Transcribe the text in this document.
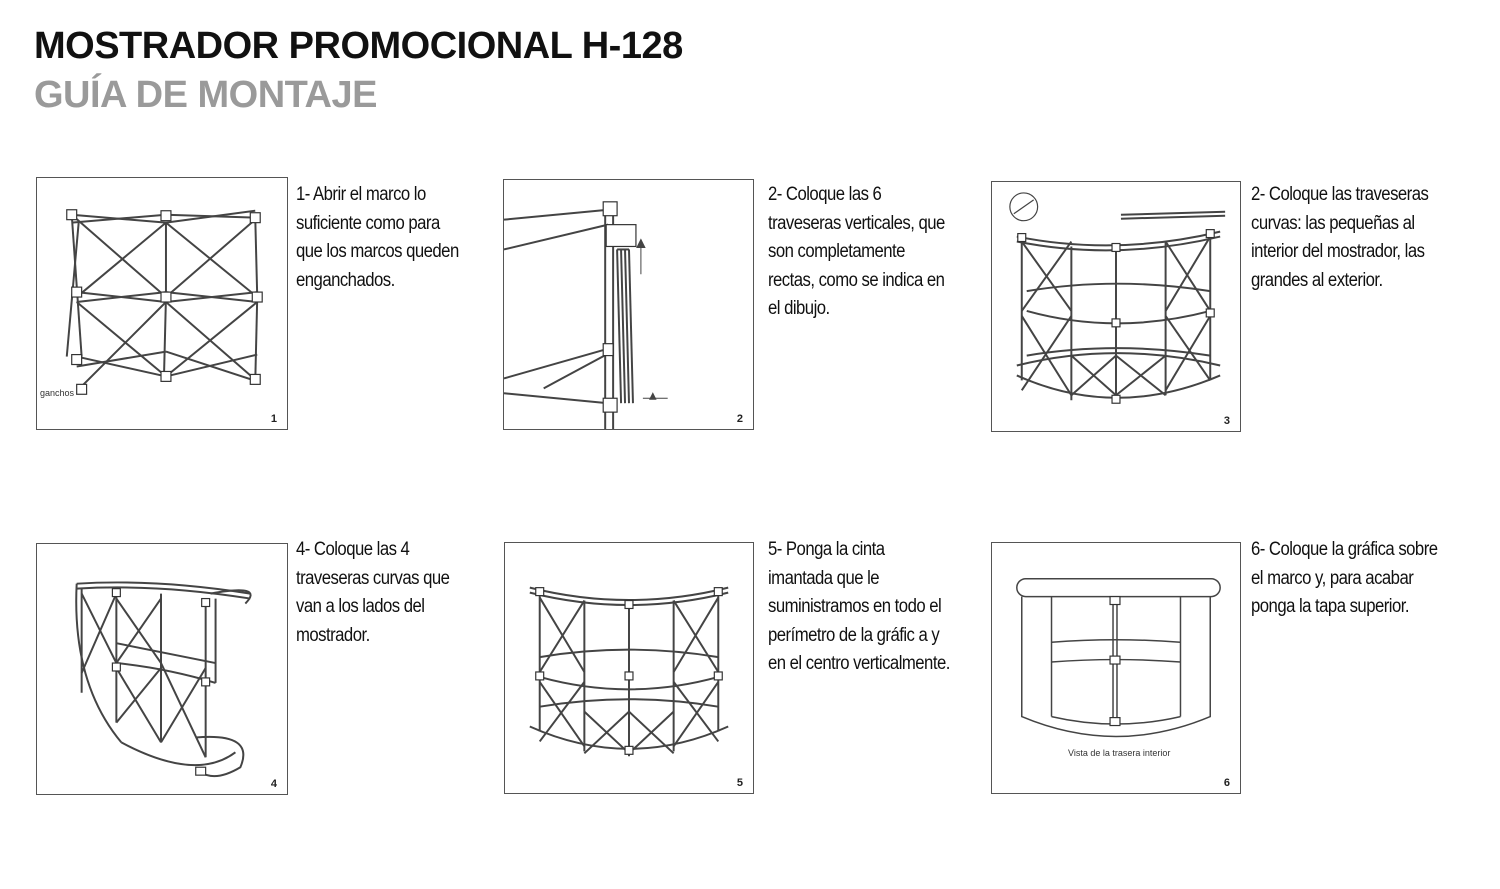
MOSTRADOR PROMOCIONAL H-128
GUÍA DE MONTAJE
ganchos
1

1- Abrir el marco lo
suficiente como para
que los marcos queden
enganchados.

2

2- Coloque las 6
traveseras verticales, que
son completamente
rectas, como se indica en
el dibujo.

3

2- Coloque las traveseras
curvas: las pequeñas al
interior del mostrador, las
grandes al exterior.

4

4- Coloque las 4
traveseras curvas que
van a los lados del
mostrador.

5

5- Ponga la cinta
imantada que le
suministramos en todo el
perímetro de la gráfic a y
en el centro verticalmente.

Vista de la trasera interior
6

6- Coloque la gráfica sobre
el marco y, para acabar
ponga la tapa superior.
